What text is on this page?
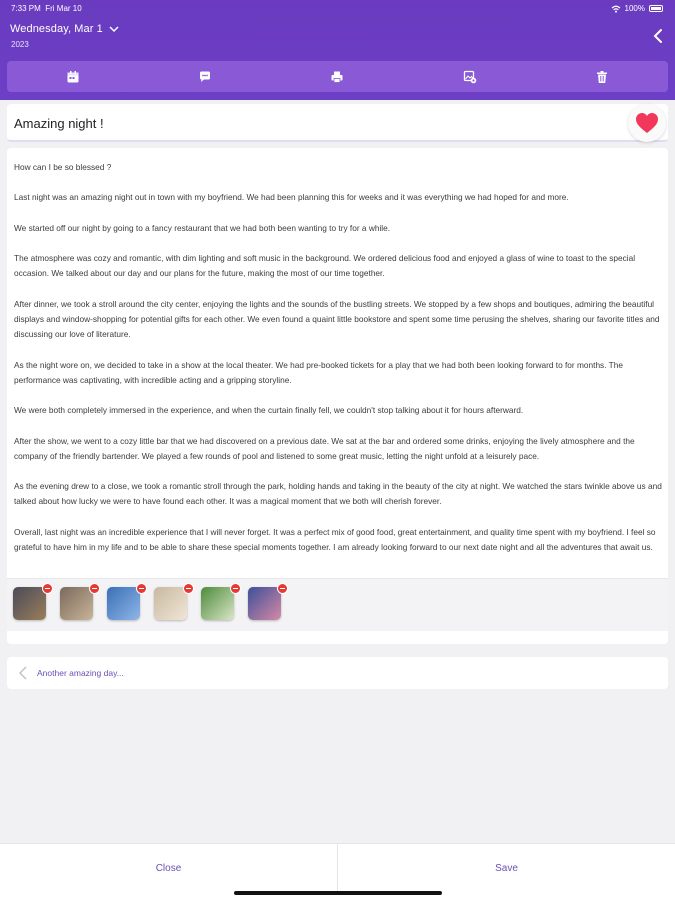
7:33 PM Fri Mar 10	100%
Wednesday, Mar 1
2023
Amazing night !

How can I be so blessed ?

Last night was an amazing night out in town with my boyfriend. We had been planning this for weeks and it was everything we had hoped for and more.

We started off our night by going to a fancy restaurant that we had both been wanting to try for a while.

The atmosphere was cozy and romantic, with dim lighting and soft music in the background. We ordered delicious food and enjoyed a glass of wine to toast to the special occasion. We talked about our day and our plans for the future, making the most of our time together.

After dinner, we took a stroll around the city center, enjoying the lights and the sounds of the bustling streets. We stopped by a few shops and boutiques, admiring the beautiful displays and window-shopping for potential gifts for each other. We even found a quaint little bookstore and spent some time perusing the shelves, sharing our favorite titles and discussing our love of literature.

As the night wore on, we decided to take in a show at the local theater. We had pre-booked tickets for a play that we had both been looking forward to for months. The performance was captivating, with incredible acting and a gripping storyline.

We were both completely immersed in the experience, and when the curtain finally fell, we couldn't stop talking about it for hours afterward.

After the show, we went to a cozy little bar that we had discovered on a previous date. We sat at the bar and ordered some drinks, enjoying the lively atmosphere and the company of the friendly bartender. We played a few rounds of pool and listened to some great music, letting the night unfold at a leisurely pace.

As the evening drew to a close, we took a romantic stroll through the park, holding hands and taking in the beauty of the city at night. We watched the stars twinkle above us and talked about how lucky we were to have found each other. It was a magical moment that we both will cherish forever.

Overall, last night was an incredible experience that I will never forget. It was a perfect mix of good food, great entertainment, and quality time spent with my boyfriend. I feel so grateful to have him in my life and to be able to share these special moments together. I am already looking forward to our next date night and all the adventures that await us.

Another amazing day...
Close	Save
